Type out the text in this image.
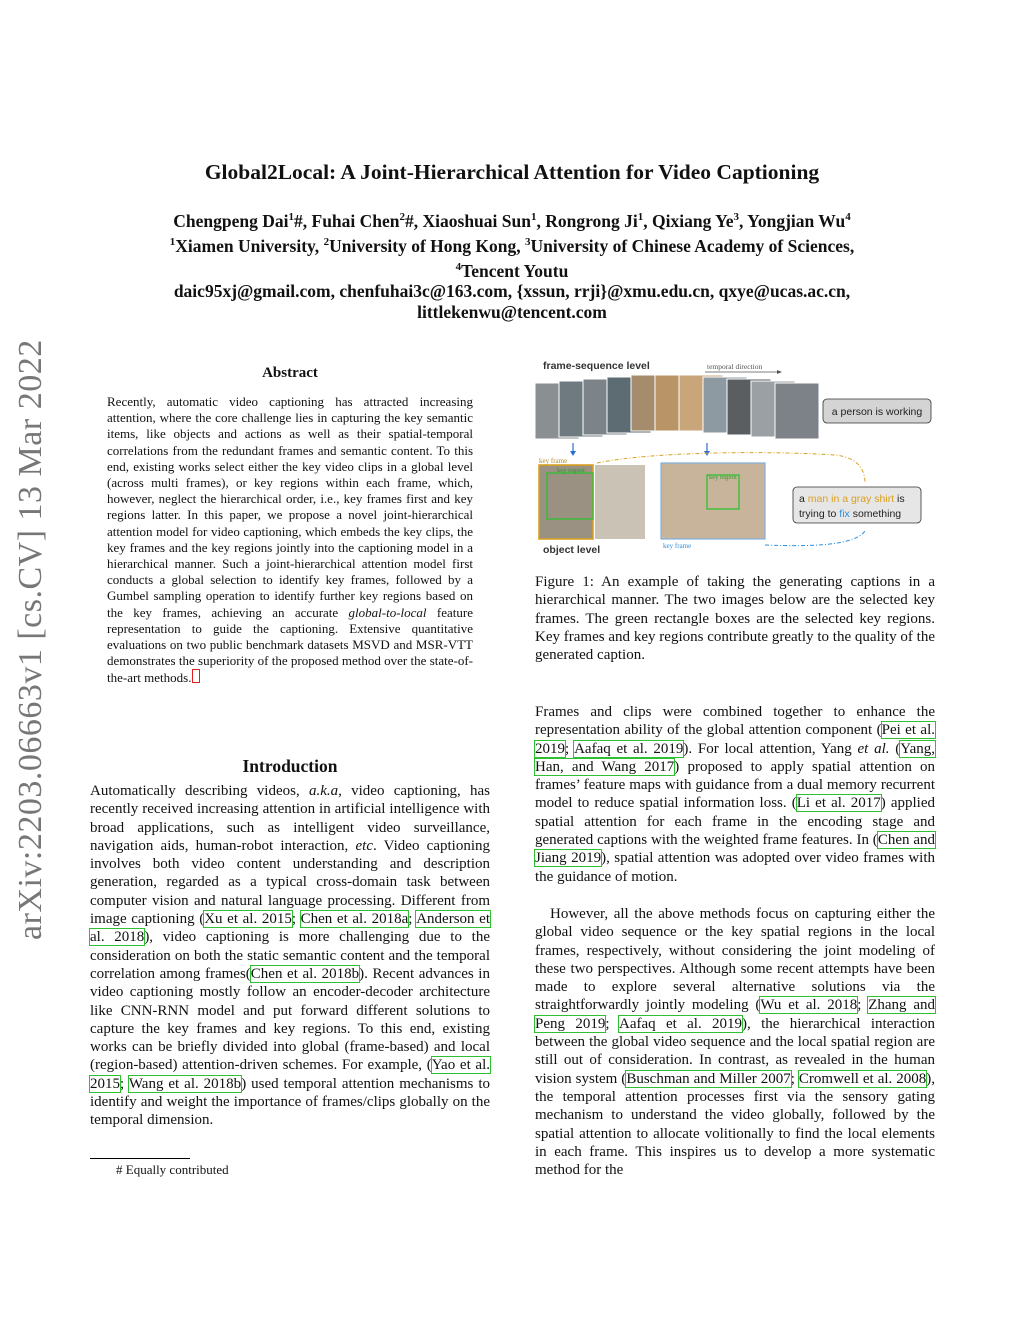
arXiv:2203.06663v1 [cs.CV] 13 Mar 2022
Global2Local: A Joint-Hierarchical Attention for Video Captioning
Chengpeng Dai$^1$#, Fuhai Chen$^2$#, Xiaoshuai Sun$^1$, Rongrong Ji$^1$, Qixiang Ye$^3$, Yongjian Wu$^4$
$^1$Xiamen University, $^2$University of Hong Kong, $^3$University of Chinese Academy of Sciences,
$^4$Tencent Youtu
daic95xj@gmail.com, chenfuhai3c@163.com, {xssun, rrji}@xmu.edu.cn, qxye@ucas.ac.cn,
littlekenwu@tencent.com
Abstract
Recently, automatic video captioning has attracted increasing attention, where the core challenge lies in capturing the key semantic items, like objects and actions as well as their spatial-temporal correlations from the redundant frames and semantic content. To this end, existing works select either the key video clips in a global level (across multi frames), or key regions within each frame, which, however, neglect the hierarchical order, i.e., key frames first and key regions latter. In this paper, we propose a novel joint-hierarchical attention model for video captioning, which embeds the key clips, the key frames and the key regions jointly into the captioning model in a hierarchical manner. Such a joint-hierarchical attention model first conducts a global selection to identify key frames, followed by a Gumbel sampling operation to identify further key regions based on the key frames, achieving an accurate global-to-local feature representation to guide the captioning. Extensive quantitative evaluations on two public benchmark datasets MSVD and MSR-VTT demonstrates the superiority of the proposed method over the state-of-the-art methods.
Introduction
Automatically describing videos, a.k.a, video captioning, has recently received increasing attention in artificial intelligence with broad applications, such as intelligent video surveillance, navigation aids, human-robot interaction, etc. Video captioning involves both video content understanding and description generation, regarded as a typical cross-domain task between computer vision and natural language processing. Different from image captioning (Xu et al. 2015; Chen et al. 2018a; Anderson et al. 2018), video captioning is more challenging due to the consideration on both the static semantic content and the temporal correlation among frames(Chen et al. 2018b). Recent advances in video captioning mostly follow an encoder-decoder architecture like CNN-RNN model and put forward different solutions to capture the key frames and key regions. To this end, existing works can be briefly divided into global (frame-based) and local (region-based) attention-driven schemes. For example, (Yao et al. 2015; Wang et al. 2018b) used temporal attention mechanisms to identify and weight the importance of frames/clips globally on the temporal dimension.
# Equally contributed
frame-sequence level	temporal direction
a person is working
key frame
key region
key region
key frame
object level
a man in a gray shirt is
trying to fix something
Figure 1: An example of taking the generating captions in a hierarchical manner. The two images below are the selected key frames. The green rectangle boxes are the selected key regions. Key frames and key regions contribute greatly to the quality of the generated caption.
Frames and clips were combined together to enhance the representation ability of the global attention component (Pei et al. 2019; Aafaq et al. 2019). For local attention, Yang et al. (Yang, Han, and Wang 2017) proposed to apply spatial attention on frames’ feature maps with guidance from a dual memory recurrent model to reduce spatial information loss. (Li et al. 2017) applied spatial attention for each frame in the encoding stage and generated captions with the weighted frame features. In (Chen and Jiang 2019), spatial attention was adopted over video frames with the guidance of motion.
However, all the above methods focus on capturing either the global video sequence or the key spatial regions in the local frames, respectively, without considering the joint modeling of these two perspectives. Although some recent attempts have been made to explore several alternative solutions via the straightforwardly jointly modeling (Wu et al. 2018; Zhang and Peng 2019; Aafaq et al. 2019), the hierarchical interaction between the global video sequence and the local spatial region are still out of consideration. In contrast, as revealed in the human vision system (Buschman and Miller 2007; Cromwell et al. 2008), the temporal attention processes first via the sensory gating mechanism to understand the video globally, followed by the spatial attention to allocate volitionally to find the local elements in each frame. This inspires us to develop a more systematic method for the
